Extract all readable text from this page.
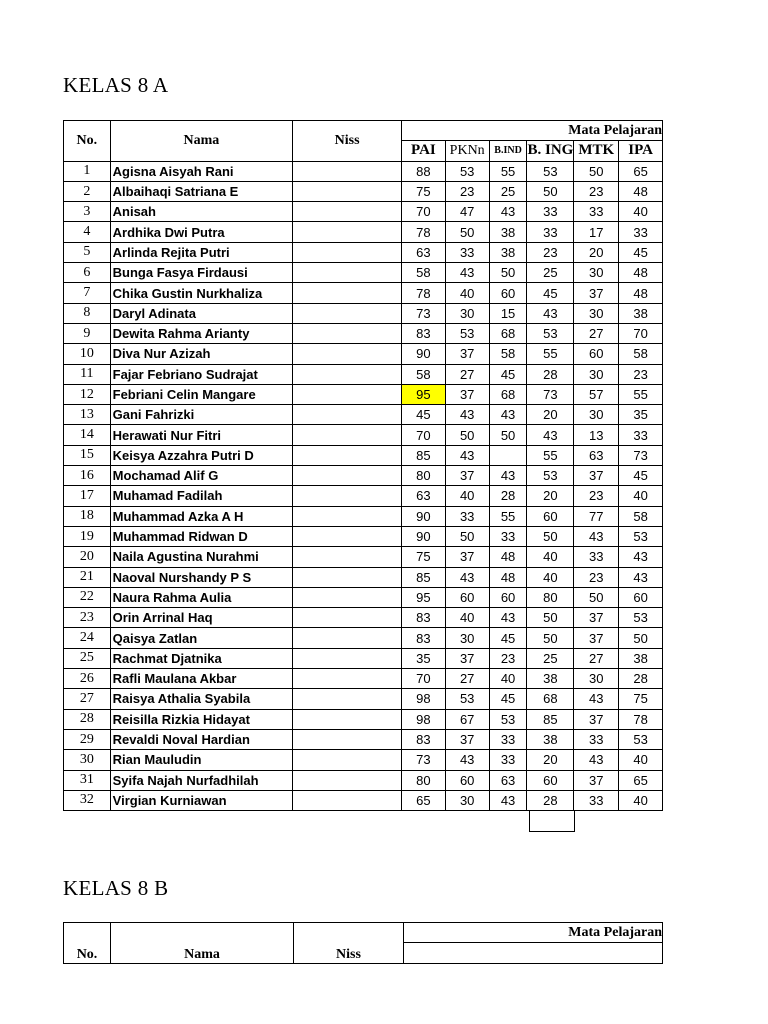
KELAS 8 A
No.	Nama	Niss	Mata Pelajaran					
			PAI	PKNn	B.IND	B. ING	MTK	IPA
1	Agisna Aisyah Rani		88	53	55	53	50	65
2	Albaihaqi Satriana E		75	23	25	50	23	48
3	Anisah		70	47	43	33	33	40
4	Ardhika Dwi Putra		78	50	38	33	17	33
5	Arlinda Rejita Putri		63	33	38	23	20	45
6	Bunga Fasya Firdausi		58	43	50	25	30	48
7	Chika Gustin Nurkhaliza		78	40	60	45	37	48
8	Daryl Adinata		73	30	15	43	30	38
9	Dewita Rahma Arianty		83	53	68	53	27	70
10	Diva Nur Azizah		90	37	58	55	60	58
11	Fajar Febriano Sudrajat		58	27	45	28	30	23
12	Febriani Celin Mangare		95	37	68	73	57	55
13	Gani Fahrizki		45	43	43	20	30	35
14	Herawati Nur Fitri		70	50	50	43	13	33
15	Keisya Azzahra Putri D		85	43		55	63	73
16	Mochamad Alif G		80	37	43	53	37	45
17	Muhamad Fadilah		63	40	28	20	23	40
18	Muhammad Azka A H		90	33	55	60	77	58
19	Muhammad Ridwan D		90	50	33	50	43	53
20	Naila Agustina Nurahmi		75	37	48	40	33	43
21	Naoval Nurshandy P S		85	43	48	40	23	43
22	Naura Rahma Aulia		95	60	60	80	50	60
23	Orin Arrinal Haq		83	40	43	50	37	53
24	Qaisya Zatlan		83	30	45	50	37	50
25	Rachmat Djatnika		35	37	23	25	27	38
26	Rafli Maulana Akbar		70	27	40	38	30	28
27	Raisya Athalia Syabila		98	53	45	68	43	75
28	Reisilla Rizkia Hidayat		98	67	53	85	37	78
29	Revaldi Noval Hardian		83	37	33	38	33	53
30	Rian Mauludin		73	43	33	20	43	40
31	Syifa Najah Nurfadhilah		80	60	63	60	37	65
32	Virgian Kurniawan		65	30	43	28	33	40
KELAS 8 B
No.	Nama	Niss	Mata Pelajaran
